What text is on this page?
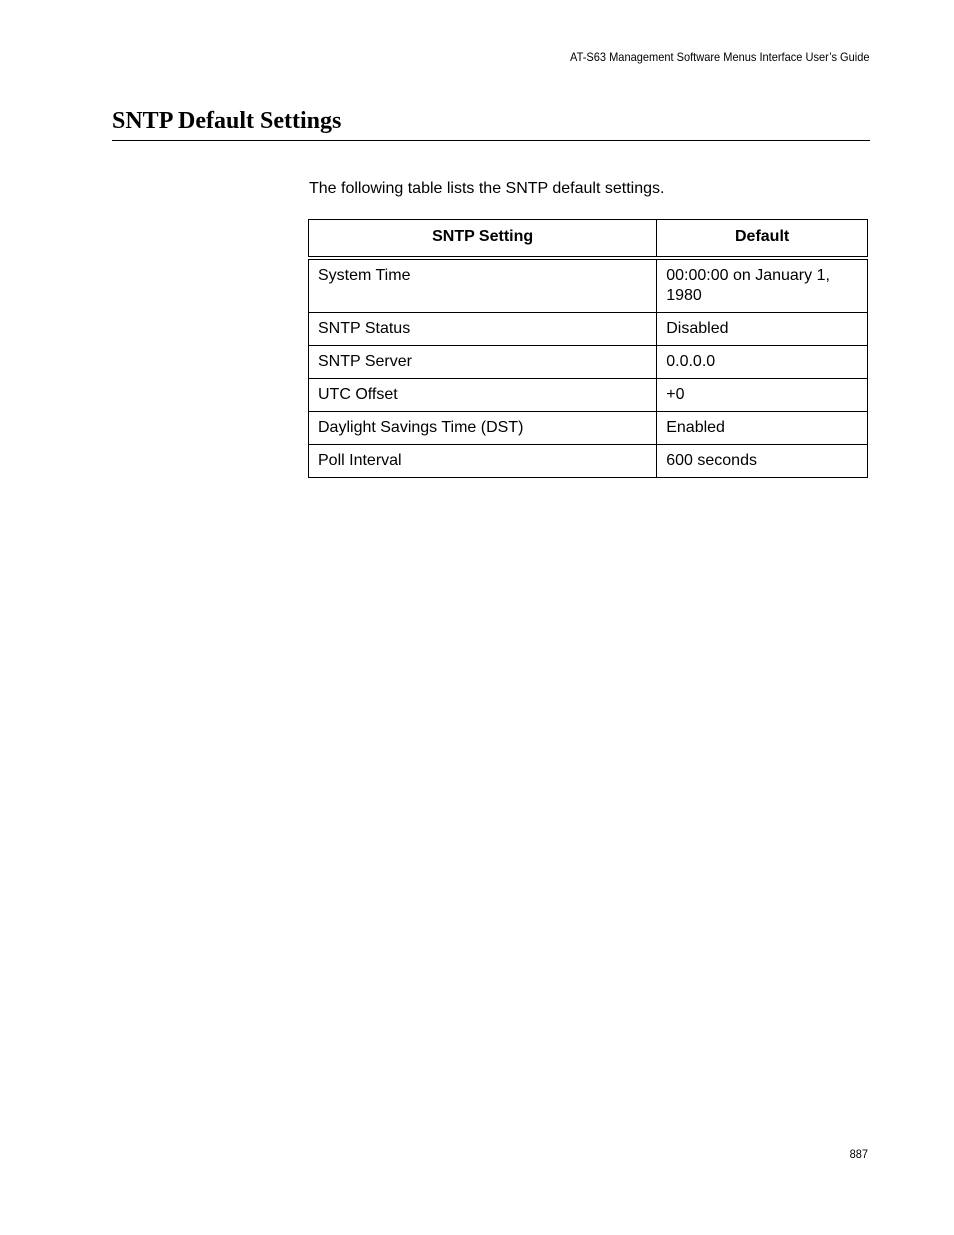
AT-S63 Management Software Menus Interface User’s Guide
SNTP Default Settings

The following table lists the SNTP default settings.

SNTP Setting	Default
System Time	00:00:00 on January 1, 1980
SNTP Status	Disabled
SNTP Server	0.0.0.0
UTC Offset	+0
Daylight Savings Time (DST)	Enabled
Poll Interval	600 seconds
887
